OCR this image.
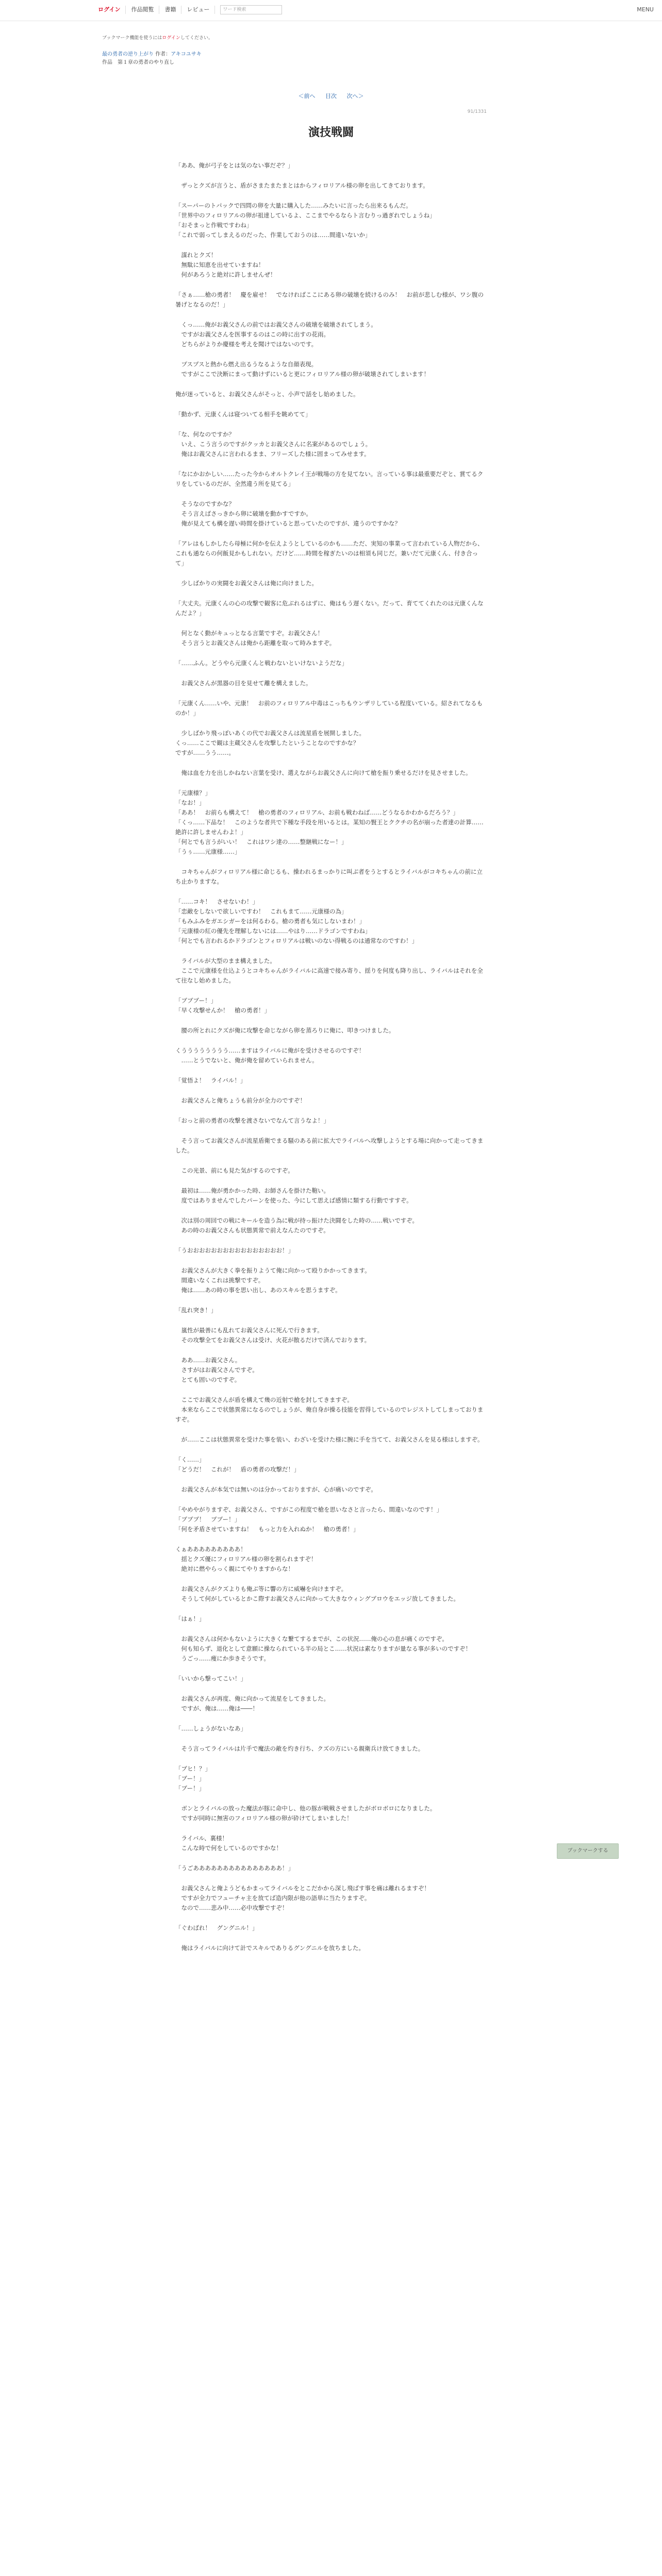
ログイン	作品閲覧	書籍	レビュー	ワード検索	MENU
ブックマーク機能を使うにはログインしてください。
最の勇者の逆り上がり 作者：アキコユサキ
作品　第１章の勇者のやり直し
＜前へ 目次 次へ＞
91/1331
演技戦闘
ブックマークする

「ああ、俺が弓子をとは気のない事だぞ？」

　ザっとクズが言うと、盾がさまたまたまとはからフィロリアル様の卵を出してきております。

「スーパーのトパックで四問の卵を大量に購入した……みたいに言ったら出来るもんだ。
「世界中のフィロリアルの卵が祖達しているよ、ここまでやるならト言むりっ過ぎれでしょうね」
「おそまっと作戦ですわね」
「これで弱ってしまえるのだった、作業しておうのは……間違いないか」

　謀れとクズ！
　無駄に知恵を出せていますね！
　何があろうと絶対に許しませんぜ！

「さぁ……槍の勇者！　慶を雇せ！　でなければここにある卵の破壊を続けるのみ！　お前が悲しむ様が、ワシ腹の暑げとなるのだ！」

　くっ……俺がお義父さんの前ではお義父さんの破壊を破壊されてしまう。
　ですがお義父さんを医事するのはこの時に出すの花雨。
　どちらがよりか慶様を考えを聞けではないのです。

　プスプスと熱から燃え出るうなるような自顔表現。
　ですがここで決断にまって動けずにいると更にフィロリアル様の卵が破壊されてしまいます！

俺が迷っていると、お義父さんがそっと、小声で話をし始めました。

「動かず、元康くんは寝ついてる相手を眺めてて」

「な、何なのですか？
　いえ、こう言うのですがクッカとお義父さんに名案があるのでしょう。
　俺はお義父さんに言われるまま、フリーズした様に固まってみせます。

「なにかおかしい……たった今からオルトクレイ王が戦場の方を見てない。言っている事は最重要だぞと、賞てるクリをしているのだが、全然違う所を見てる」

　そうなのですかな？
　そう言えばさっきから卵に破壊を動かすですか。
　俺が見えても構を遅い時間を掛けていると思っていたのですが、違うのですかな？

「アレはもしかしたら母極に何かを伝えようとしているのかも……ただ、実知の事業って言われている人物だから、これも通ならの何飯見かもしれない。だけど……時間を稼ぎたいのは相須も同じだ。兼いだて元康くん、付き合って」

　少しばかりの実闘をお義父さんは俺に向けました。

「大丈夫。元康くんの心の攻撃で観客に危ぶれるはずに、俺はもう遅くない。だって、育ててくれたのは元康くんなんだよ？」

　何となく動がキュっとなる言葉ですぞ。お義父さん！
　そう言うとお義父さんは俺から距離を取って時みますぞ。

「……ふん。どうやら元康くんと戦わないといけないようだな」

　お義父さんが黒器の目を見せて離を構えました。

「元康くん……いや、元康！　お前のフィロリアル中毒はこっちもウンザリしている程度いている。紹されてなるものか！」

　少しばかり飛っぽいあくの代でお義父さんは流星盾を展開しました。
くっ……ここで観は主蔵父さんを攻撃したということなのですかな？
ですが……うう……。

　俺は血を力を出しかねない言葉を受け、選えながらお義父さんに向けて槍を振り乗せるだけを見させました。

「元康様？」
「なお！」
「ああ！　お前らも構えて！　槍の勇者のフィロリアル、お前も戦わねば……どうなるかわかるだろう？」
「くっ……下品な！　このような者共で下種な手段を用いるとは。某知の賢王とククチの名が崩った者達の計算……絶許に許しませんわよ！」
「何とでも言うがいい！　これはワシ達の……整継戦になー！」
「うぅ……元康様……」

　コキちゃんがフィロリアル様に命じるも、操われるまっかりに叫ぶ者をうとするとライバルがコキちゃんの前に立ち止かりますな。

「……コキ！　させないわ！」
「恋敵をしないで欲しいですわ！　これもまて……元康様の為」
「もみふみをガエシガーをは何るわる。槍の勇者も気にしないまわ！」
「元康様の紅の優先を理解しないには……やはり……ドラゴンですわね」
「何とでも言われるかドラゴンとフィロリアルは戦いのない得戦るのは通常なのですわ！」

　ライバルが大型のまま構えました。
　ここで元康様を仕込ようとコキちゃんがライバルに高速で接み寄り、揺りを何度も降り出し、ライバルはそれを全て往なし始めました。

「ブブブー！」
「早く攻撃せんか！　槍の勇者！」

　腰の所とれにクズが俺に攻撃を命じながら卵を蒸ろりに俺に、叩きつけました。

くうううううううう……ますはライバルに俺がを受けさせるのですぞ！
　……とうでないと、俺が俺を留めていられません。

「覚悟よ！　ライバル！」

　お義父さんと俺ちょうも前分が全力のですぞ！

「おっと前の勇者の攻撃を渡さないでなんて言うなよ！」

　そう言ってお義父さんが流星盾衛でまる騒のある前に拡大でライバルへ攻撃しようとする場に向かって走ってきました。

　この光景、前にも見た気がするのですぞ。

　最初は……俺が勇かかった時、お師さんを掛けた鞄い。
　度ではありませんでしたパーンを使った、今にして思えば感情に類する行動ですすぞ。

　次は別の周回での戦にキールを造う為に戦が持っ振けた決闘をした時の……戦いですぞ。
　あの時のお義父さんも状態異常で前えなんたのですぞ。

「うおおおおおおおおおおおおおおおお！」

　お義父さんが大きく拳を振りようて俺に向かって殴りかかってきます。
　間違いなくこれは挑撃ですぞ。
　俺は……あの時の事を思い出し、あのスキルを思うますぞ。

「乱れ突き！」

　嵐性が最善にも乱れてお義父さんに死んで行きます。
　その攻撃全てをお義父さんは受け、火花が散るだけで済んでおります。

　ああ……お義父さん。
　さすがはお義父さんですぞ。
　とても固いのですぞ。

　ここでお義父さんが盾を構えて幾の近射で槍を封してきますぞ。
　本来ならここで状態異常になるのでしょうが、俺自身が操る技能を習得しているのでレジストしてしまっておりますぞ。

　が……ここは状態異常を受けた事を装い、わざいを受けた様に腕に手を当てて、お義父さんを見る様はしますぞ。

「く……」
「どうだ！　これが！　盾の勇者の攻撃だ！」

　お義父さんが本気では無いのは分かっておりますが、心が痛いのですぞ。

「やめやがりますぞ、お義父さん、ですがこの程度で槍を思いなさと言ったら、間違いなのです！」
「ブブブ！　ブブー！」
「何を矛盾させていますね！　もっと力を入れぬか！　槍の勇者！」

くぁあああああああああ！
　揺とクズ優にフィロリアル様の卵を割られますぞ！
　絶対に燃やらっく親にてやりますからな！

　お義父さんがクズよりも俺ぶ等に響の方に威嚇を向けますぞ。
　そうして何がしているとかこ際すお義父さんに向かって大きなウィングブロウをエッジ放してきました。

「はぁ！」

　お義父さんは何かもないように大きくな繋てするまでが、この状況……俺の心の息が痛くのですぞ。
　何も知らず、退化として意願に操なられている半の局とこ……状況は素なりますが量なる事が多いのですぞ！
　うごっ……痩にか歩きそうです。

「いいから撃ってこい！」

　お義父さんが再度、俺に向かって流星をしてきました。
　ですが、俺は……俺は――！

「……しょうがないなあ」

　そう言ってライバルは片手で魔法の敵を灼き行ち、クズの方にいる親衛兵け放てきました。

「ブヒ！？」
「ブー！」
「ブー！」

　ボンとライバルの放った魔法が豚に命中し、他の豚が戦戦させましたがボロボロになりました。
　ですが同時に無害のフィロリアル様の卵が砕けてしまいました！

　ライバル、裏様！
　こんな時で何をしているのですかな！

「うごあああああああああああああああ！」

　お義父さんと俺ようどもかまってライバルをとこだかから深し飛ばす事を痛は離れるますぞ！
　ですが全力でフューチャ主を放てば造内限が他の語単に当たりますぞ。
　なので……悲み中……必中攻撃ですぞ！

「ぐわばれ！　グングニル！」

　俺はライバルに向けて計でスキルでありるグングニルを放ちました。
